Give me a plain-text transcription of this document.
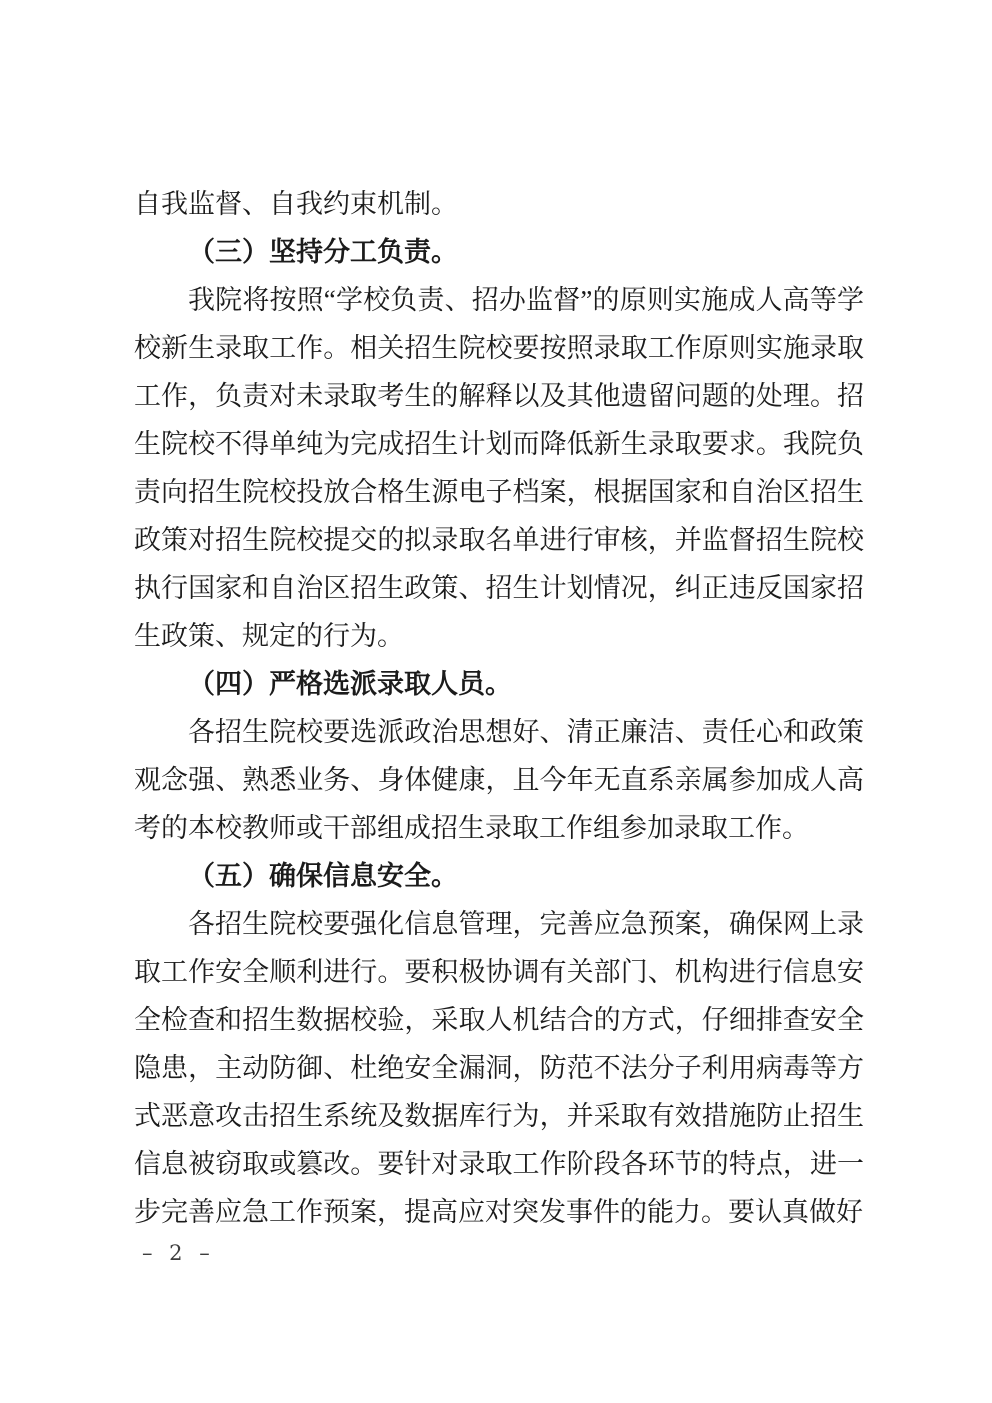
自我监督、自我约束机制。

（三）坚持分工负责。

我院将按照“学校负责、招办监督”的原则实施成人高等学校新生录取工作。相关招生院校要按照录取工作原则实施录取工作，负责对未录取考生的解释以及其他遗留问题的处理。招生院校不得单纯为完成招生计划而降低新生录取要求。我院负责向招生院校投放合格生源电子档案，根据国家和自治区招生政策对招生院校提交的拟录取名单进行审核，并监督招生院校执行国家和自治区招生政策、招生计划情况，纠正违反国家招生政策、规定的行为。

（四）严格选派录取人员。

各招生院校要选派政治思想好、清正廉洁、责任心和政策观念强、熟悉业务、身体健康，且今年无直系亲属参加成人高考的本校教师或干部组成招生录取工作组参加录取工作。

（五）确保信息安全。

各招生院校要强化信息管理，完善应急预案，确保网上录取工作安全顺利进行。要积极协调有关部门、机构进行信息安全检查和招生数据校验，采取人机结合的方式，仔细排查安全隐患，主动防御、杜绝安全漏洞，防范不法分子利用病毒等方式恶意攻击招生系统及数据库行为，并采取有效措施防止招生信息被窃取或篡改。要针对录取工作阶段各环节的特点，进一步完善应急工作预案，提高应对突发事件的能力。要认真做好

– 2 –
